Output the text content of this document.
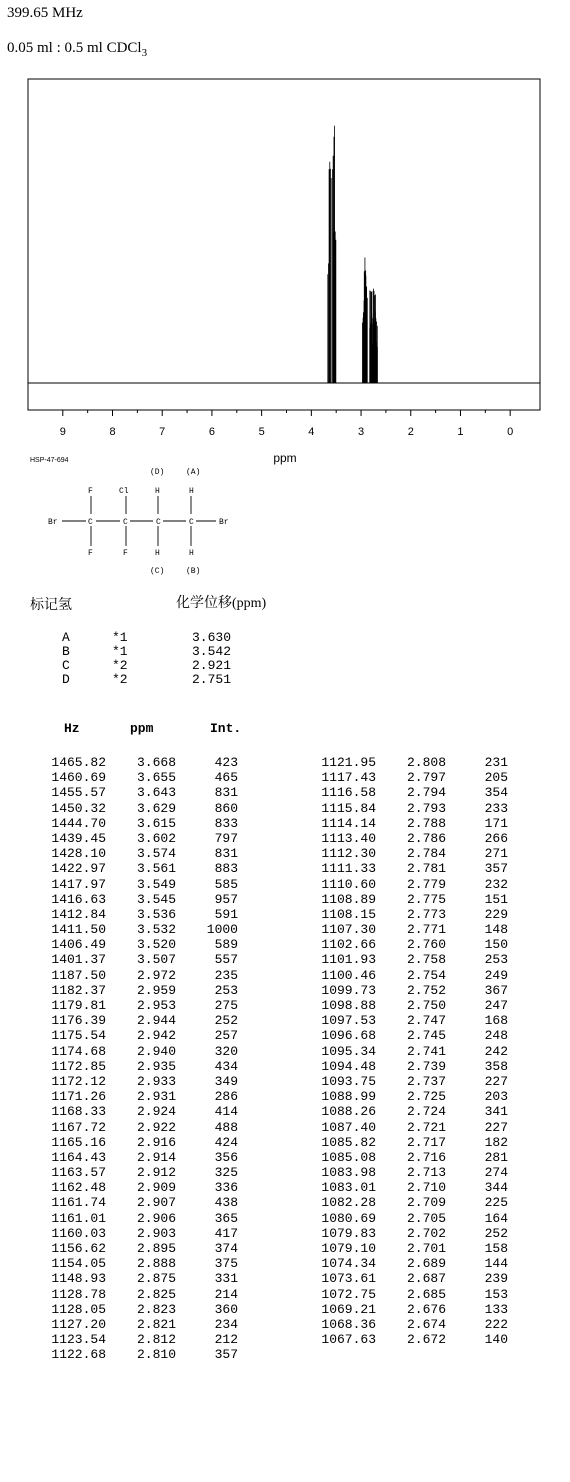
399.65 MHz
0.05 ml : 0.5 ml CDCl$_3$
9	8	7	6	5	4	3	2	1	0
ppm
HSP-47-694
(D)	(A)
(C)	(B)
Br	Br
C	C	C	C
F	Cl	H	H
F	F	H	H
标记氢	化学位移(ppm)
A	*1	3.630
B	*1	3.542
C	*2	2.921
D	*2	2.751
Hz	ppm	Int.
1465.82 3.668	423
1460.69 3.655	465
1455.57 3.643	831
1450.32 3.629	860
1444.70 3.615	833
1439.45 3.602	797
1428.10 3.574	831
1422.97 3.561	883
1417.97 3.549	585
1416.63 3.545	957
1412.84 3.536	591
1411.50 3.532 1000
1406.49 3.520	589
1401.37 3.507	557
1187.50 2.972	235
1182.37 2.959	253
1179.81 2.953	275
1176.39 2.944	252
1175.54 2.942	257
1174.68 2.940	320
1172.85 2.935	434
1172.12 2.933	349
1171.26 2.931	286
1168.33 2.924	414
1167.72 2.922	488
1165.16 2.916	424
1164.43 2.914	356
1163.57 2.912	325
1162.48 2.909	336
1161.74 2.907	438
1161.01 2.906	365
1160.03 2.903	417
1156.62 2.895	374
1154.05 2.888	375
1148.93 2.875	331
1128.78 2.825	214
1128.05 2.823	360
1127.20 2.821	234
1123.54 2.812	212
1122.68 2.810	357
1121.95 2.808	231
1117.43 2.797	205
1116.58 2.794	354
1115.84 2.793	233
1114.14 2.788	171
1113.40 2.786	266
1112.30 2.784	271
1111.33 2.781	357
1110.60 2.779	232
1108.89 2.775	151
1108.15 2.773	229
1107.30 2.771	148
1102.66 2.760	150
1101.93 2.758	253
1100.46 2.754	249
1099.73 2.752	367
1098.88 2.750	247
1097.53 2.747	168
1096.68 2.745	248
1095.34 2.741	242
1094.48 2.739	358
1093.75 2.737	227
1088.99 2.725	203
1088.26 2.724	341
1087.40 2.721	227
1085.82 2.717	182
1085.08 2.716	281
1083.98 2.713	274
1083.01 2.710	344
1082.28 2.709	225
1080.69 2.705	164
1079.83 2.702	252
1079.10 2.701	158
1074.34 2.689	144
1073.61 2.687	239
1072.75 2.685	153
1069.21 2.676	133
1068.36 2.674	222
1067.63 2.672	140
